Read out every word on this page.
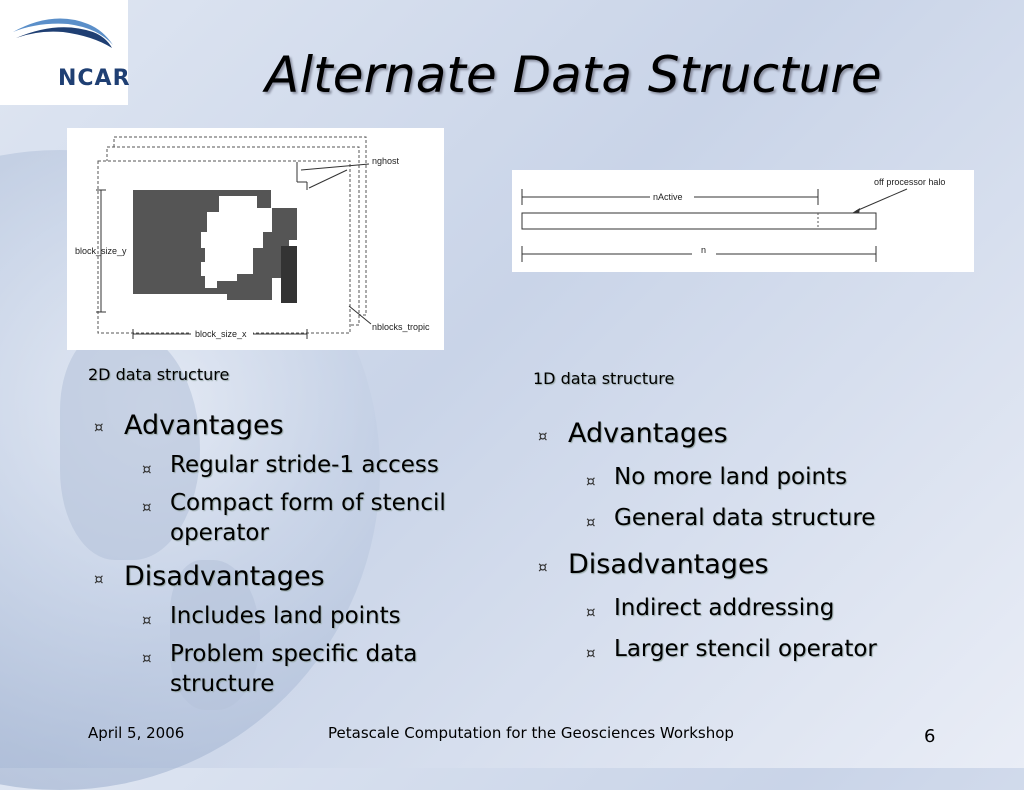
NCAR	Alternate Data Structure
nghost
block_size_y
block_size_x
nblocks_tropic
off processor halo
nActive
n
2D data structure
¤ Advantages
¤ Regular stride-1 access
¤ Compact form of stencil
operator
¤ Disadvantages
¤ Includes land points
¤ Problem specific data
structure
1D data structure
¤ Advantages
¤ No more land points
¤ General data structure
¤ Disadvantages
¤ Indirect addressing
¤ Larger stencil operator
April 5, 2006	Petascale Computation for the Geosciences Workshop	6
